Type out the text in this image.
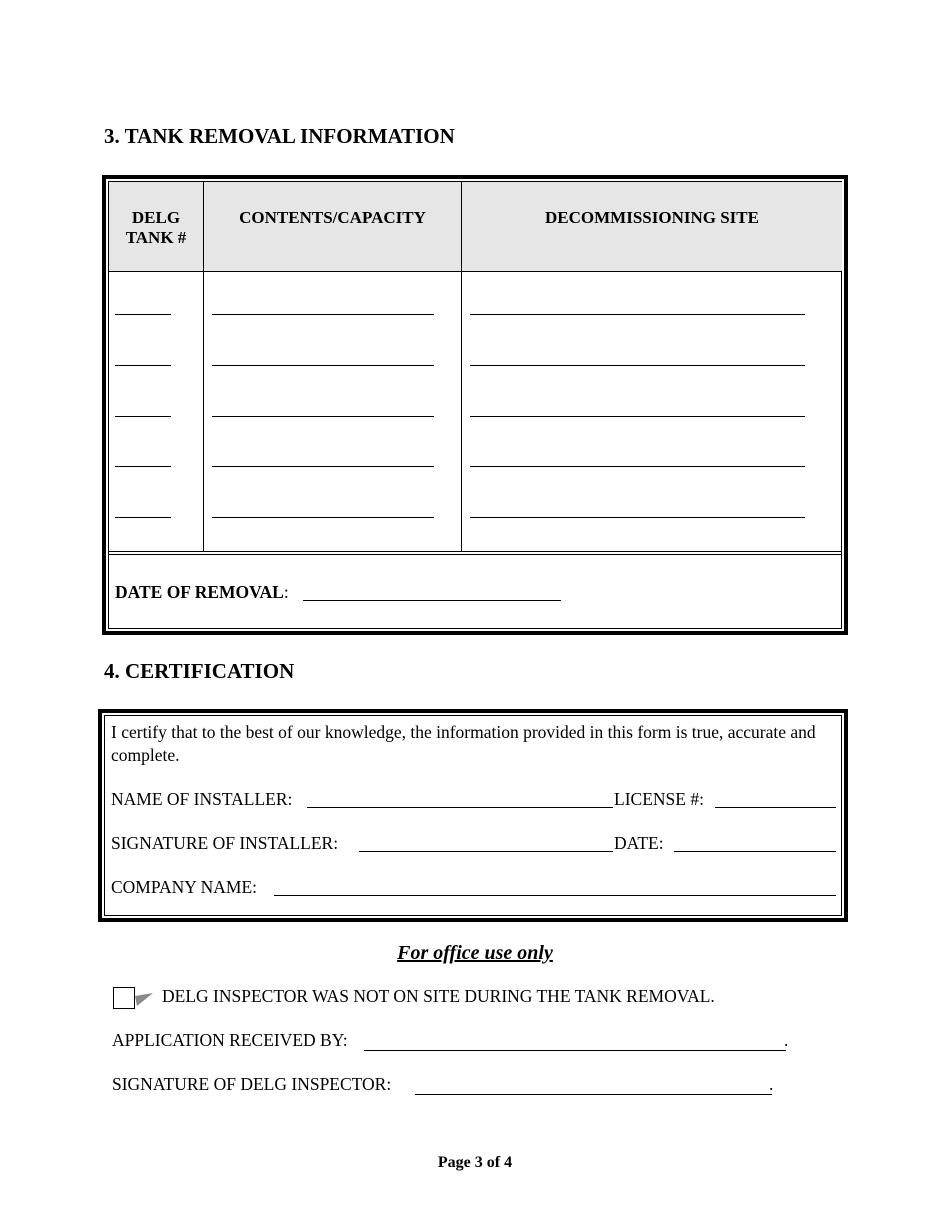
3. TANK REMOVAL INFORMATION
DELG
TANK #
CONTENTS/CAPACITY	DECOMMISSIONING SITE
DATE OF REMOVAL:
4. CERTIFICATION
I certify that to the best of our knowledge, the information provided in this form is true, accurate and
complete.
NAME OF INSTALLER:	LICENSE #:
SIGNATURE OF INSTALLER:	DATE:
COMPANY NAME:
For office use only
DELG INSPECTOR WAS NOT ON SITE DURING THE TANK REMOVAL.
APPLICATION RECEIVED BY:	.
SIGNATURE OF DELG INSPECTOR:	.
Page 3 of 4
